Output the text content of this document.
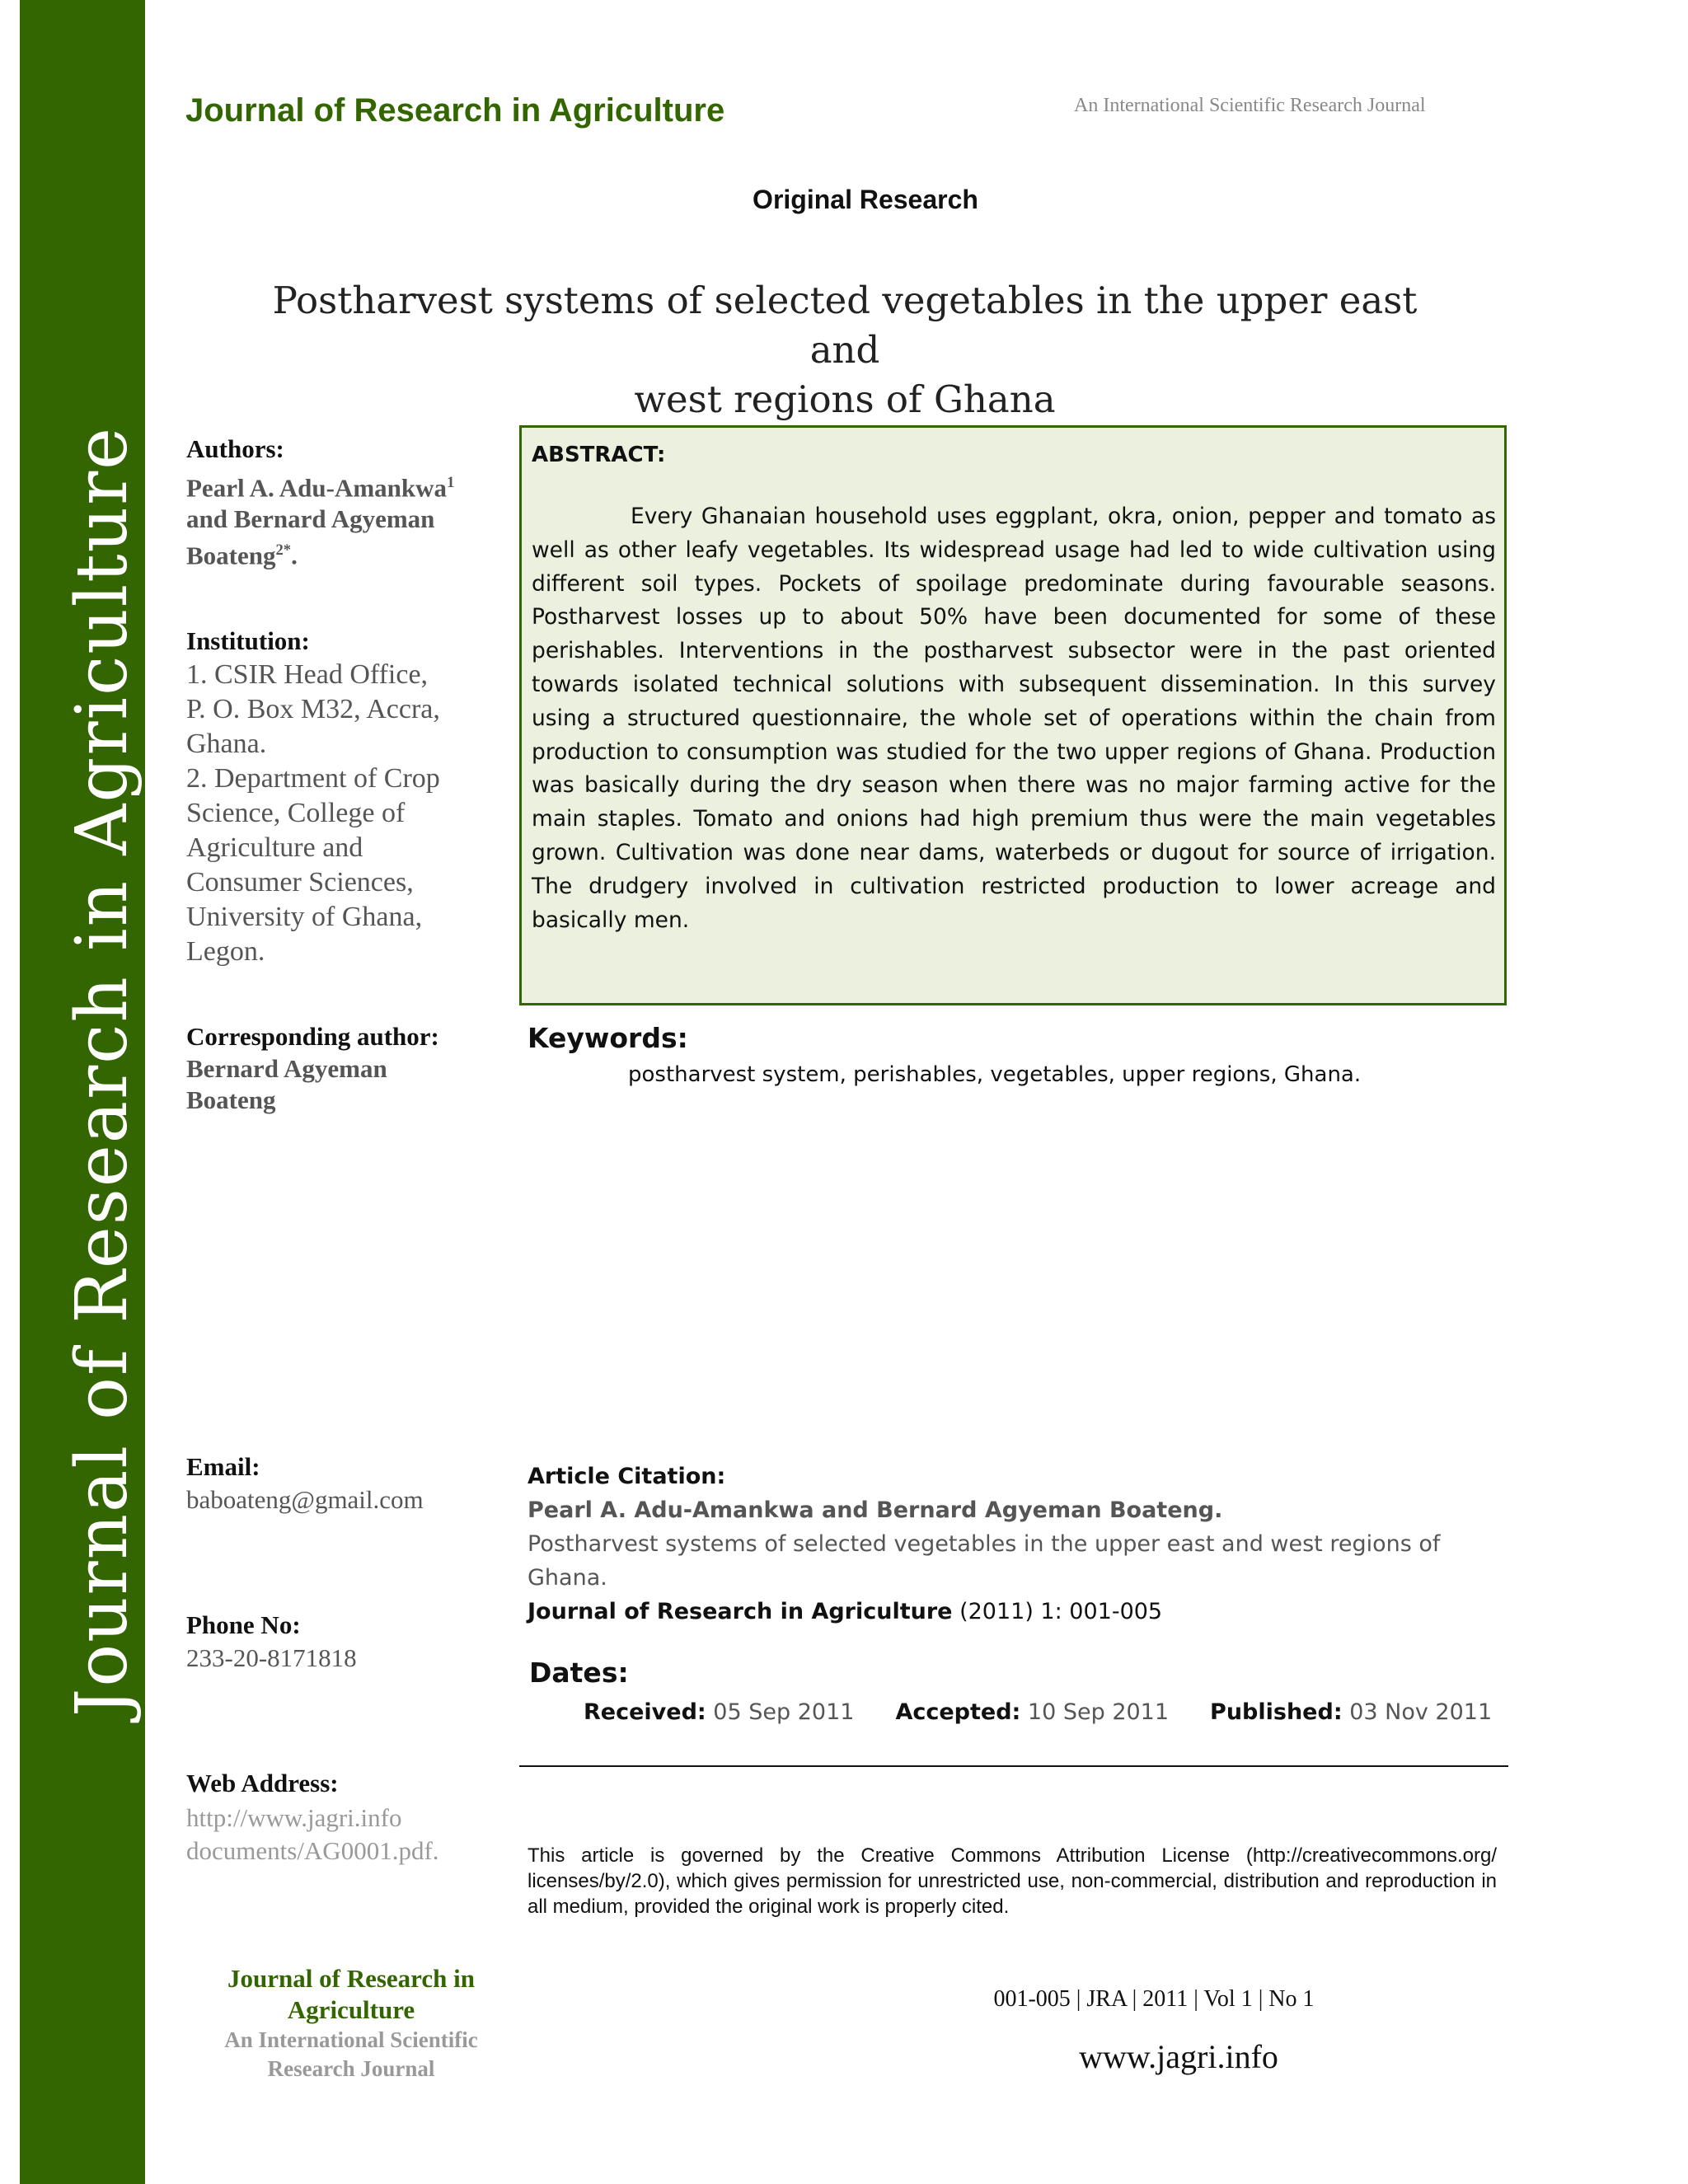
Journal of Research in Agriculture
Journal of Research in Agriculture	An International Scientific Research Journal
Original Research
Postharvest systems of selected vegetables in the upper east and
west regions of Ghana
Authors:
Pearl A. Adu-Amankwa$^1$
and Bernard Agyeman
Boateng$^{2*}$.
Institution:
1. CSIR Head Office,
P. O. Box M32, Accra,
Ghana.
2. Department of Crop
Science, College of
Agriculture and
Consumer Sciences,
University of Ghana,
Legon.
Corresponding author:
Bernard Agyeman
Boateng
Email:
baboateng@gmail.com
Phone No:
233-20-8171818
Web Address:
http://www.jagri.info
documents/AG0001.pdf.
ABSTRACT:
Every Ghanaian household uses eggplant, okra, onion, pepper and tomato as well as other leafy vegetables. Its widespread usage had led to wide cultivation using different soil types. Pockets of spoilage predominate during favourable seasons. Postharvest losses up to about 50% have been documented for some of these perishables. Interventions in the postharvest subsector were in the past oriented towards isolated technical solutions with subsequent dissemination. In this survey using a structured questionnaire, the whole set of operations within the chain from production to consumption was studied for the two upper regions of Ghana. Production was basically during the dry season when there was no major farming active for the main staples. Tomato and onions had high premium thus were the main vegetables grown. Cultivation was done near dams, waterbeds or dugout for source of irrigation. The drudgery involved in cultivation restricted production to lower acreage and basically men.
Keywords:
postharvest system, perishables, vegetables, upper regions, Ghana.
Article Citation:
Pearl A. Adu-Amankwa and Bernard Agyeman Boateng.
Postharvest systems of selected vegetables in the upper east and west regions of Ghana.
Journal of Research in Agriculture (2011) 1: 001-005
Dates:
Received: 05 Sep 2011 Accepted: 10 Sep 2011 Published: 03 Nov 2011
This article is governed by the Creative Commons Attribution License (http://creativecommons.org/ licenses/by/2.0), which gives permission for unrestricted use, non-commercial, distribution and reproduction in all medium, provided the original work is properly cited.
Journal of Research in
Agriculture
An International Scientific
Research Journal
001-005 | JRA | 2011 | Vol 1 | No 1
www.jagri.info
